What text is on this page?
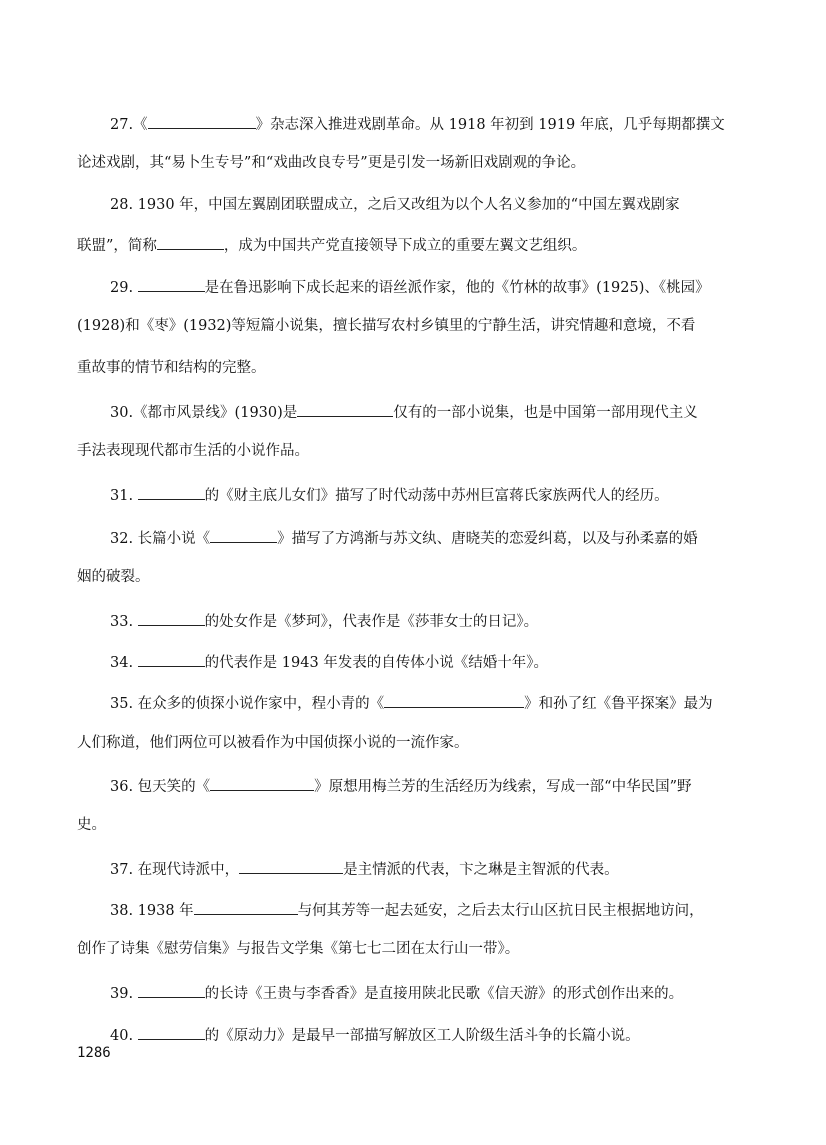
27.《	》杂志深入推进戏剧革命。从 1918 年初到 1919 年底，几乎每期都撰文
论述戏剧，其“易卜生专号”和“戏曲改良专号”更是引发一场新旧戏剧观的争论。
28. 1930 年，中国左翼剧团联盟成立，之后又改组为以个人名义参加的“中国左翼戏剧家
联盟”，简称	，成为中国共产党直接领导下成立的重要左翼文艺组织。
29.	是在鲁迅影响下成长起来的语丝派作家，他的《竹林的故事》(1925)、《桃园》
(1928)和《枣》(1932)等短篇小说集，擅长描写农村乡镇里的宁静生活，讲究情趣和意境，不看
重故事的情节和结构的完整。
30.《都市风景线》(1930)是	仅有的一部小说集，也是中国第一部用现代主义
手法表现现代都市生活的小说作品。
31.	的《财主底儿女们》描写了时代动荡中苏州巨富蒋氏家族两代人的经历。
32. 长篇小说《	》描写了方鸿渐与苏文纨、唐晓芙的恋爱纠葛，以及与孙柔嘉的婚
姻的破裂。
33.	的处女作是《梦珂》，代表作是《莎菲女士的日记》。
34.	的代表作是 1943 年发表的自传体小说《结婚十年》。
35. 在众多的侦探小说作家中，程小青的《	》和孙了红《鲁平探案》最为
人们称道，他们两位可以被看作为中国侦探小说的一流作家。
36. 包天笑的《	》原想用梅兰芳的生活经历为线索，写成一部“中华民国”野
史。
37. 在现代诗派中，	是主情派的代表，卞之琳是主智派的代表。
38. 1938 年	与何其芳等一起去延安，之后去太行山区抗日民主根据地访问，
创作了诗集《慰劳信集》与报告文学集《第七七二团在太行山一带》。
39.	的长诗《王贵与李香香》是直接用陕北民歌《信天游》的形式创作出来的。
40.	的《原动力》是最早一部描写解放区工人阶级生活斗争的长篇小说。
1286
